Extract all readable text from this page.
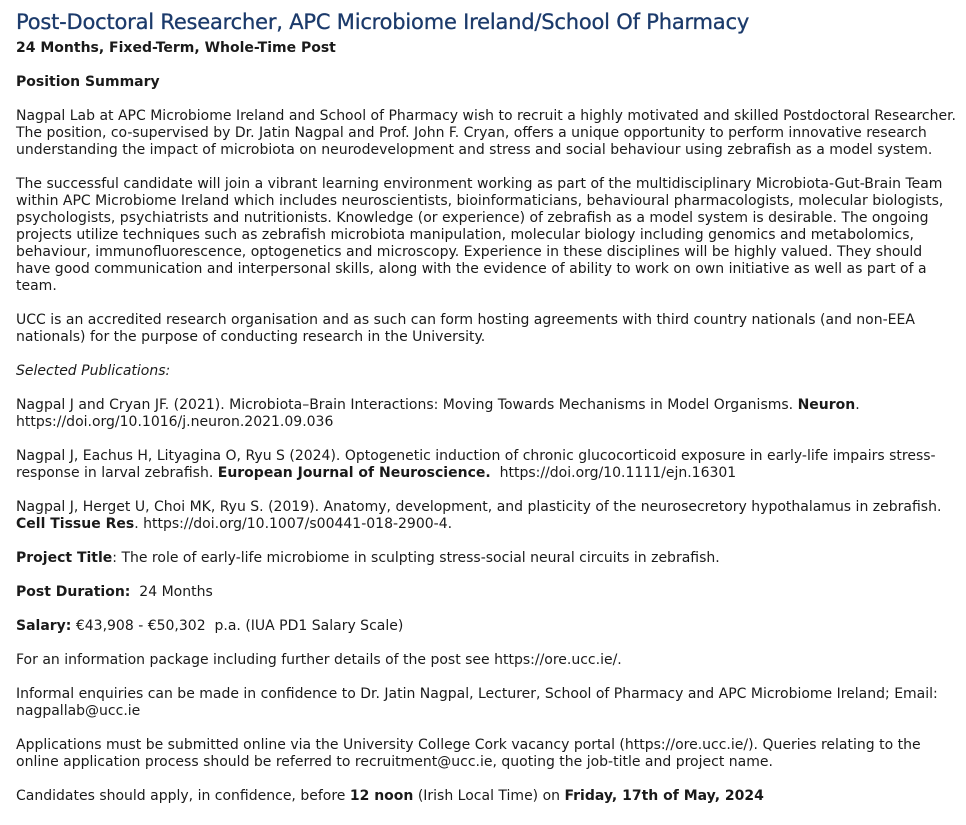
Post-Doctoral Researcher, APC Microbiome Ireland/School Of Pharmacy

24 Months, Fixed-Term, Whole-Time Post

Position Summary

Nagpal Lab at APC Microbiome Ireland and School of Pharmacy wish to recruit a highly motivated and skilled Postdoctoral Researcher. The position, co-supervised by Dr. Jatin Nagpal and Prof. John F. Cryan, offers a unique opportunity to perform innovative research understanding the impact of microbiota on neurodevelopment and stress and social behaviour using zebrafish as a model system.

The successful candidate will join a vibrant learning environment working as part of the multidisciplinary Microbiota-Gut-Brain Team within APC Microbiome Ireland which includes neuroscientists, bioinformaticians, behavioural pharmacologists, molecular biologists, psychologists, psychiatrists and nutritionists. Knowledge (or experience) of zebrafish as a model system is desirable. The ongoing projects utilize techniques such as zebrafish microbiota manipulation, molecular biology including genomics and metabolomics, behaviour, immunofluorescence, optogenetics and microscopy. Experience in these disciplines will be highly valued. They should have good communication and interpersonal skills, along with the evidence of ability to work on own initiative as well as part of a team.

UCC is an accredited research organisation and as such can form hosting agreements with third country nationals (and non-EEA nationals) for the purpose of conducting research in the University.

Selected Publications:

Nagpal J and Cryan JF. (2021). Microbiota–Brain Interactions: Moving Towards Mechanisms in Model Organisms. Neuron. https://doi.org/10.1016/j.neuron.2021.09.036

Nagpal J, Eachus H, Lityagina O, Ryu S (2024). Optogenetic induction of chronic glucocorticoid exposure in early-life impairs stress-response in larval zebrafish. European Journal of Neuroscience.  https://doi.org/10.1111/ejn.16301

Nagpal J, Herget U, Choi MK, Ryu S. (2019). Anatomy, development, and plasticity of the neurosecretory hypothalamus in zebrafish. Cell Tissue Res. https://doi.org/10.1007/s00441-018-2900-4.

Project Title: The role of early-life microbiome in sculpting stress-social neural circuits in zebrafish.

Post Duration:  24 Months

Salary: €43,908 - €50,302  p.a. (IUA PD1 Salary Scale)

For an information package including further details of the post see https://ore.ucc.ie/.

Informal enquiries can be made in confidence to Dr. Jatin Nagpal, Lecturer, School of Pharmacy and APC Microbiome Ireland; Email: nagpallab@ucc.ie

Applications must be submitted online via the University College Cork vacancy portal (https://ore.ucc.ie/). Queries relating to the online application process should be referred to recruitment@ucc.ie, quoting the job-title and project name.

Candidates should apply, in confidence, before 12 noon (Irish Local Time) on Friday, 17th of May, 2024
